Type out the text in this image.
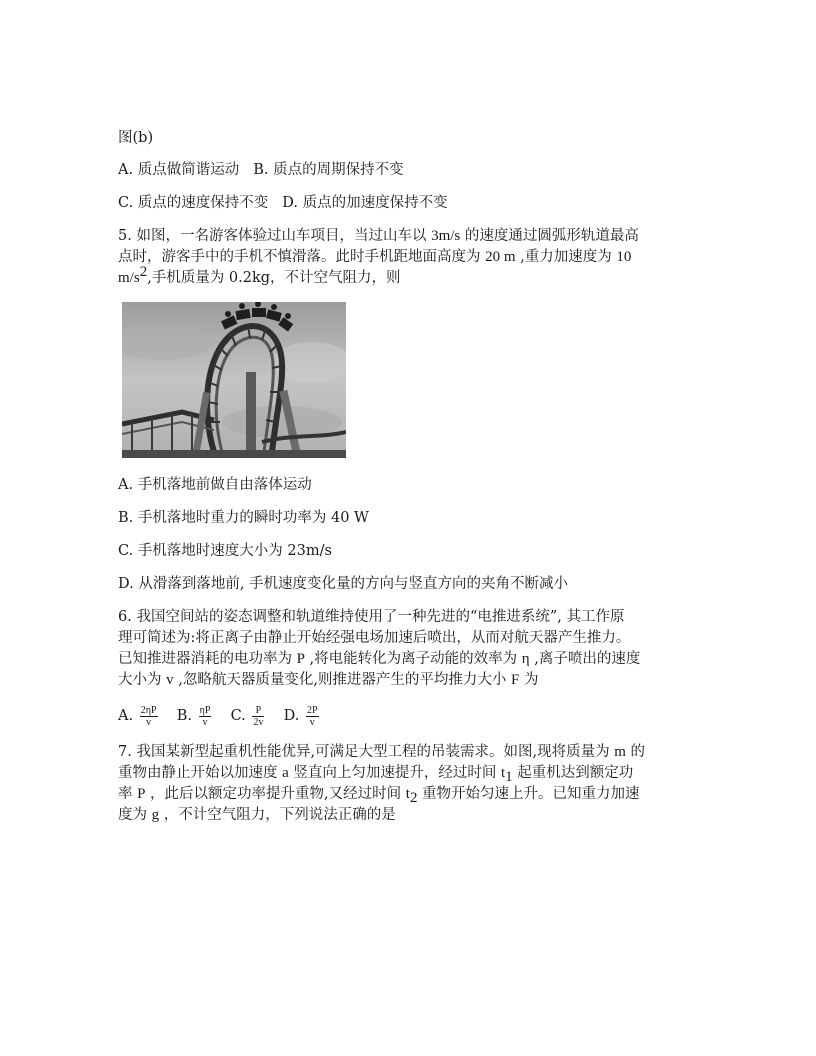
图(b)
A. 质点做简谐运动 B. 质点的周期保持不变
C. 质点的速度保持不变 D. 质点的加速度保持不变
5. 如图，一名游客体验过山车项目，当过山车以 3m/s 的速度通过圆弧形轨道最高
点时，游客手中的手机不慎滑落。此时手机距地面高度为 20 m ,重力加速度为 10
$m/s^2$,手机质量为 0.2kg，不计空气阻力，则
A. 手机落地前做自由落体运动
B. 手机落地时重力的瞬时功率为 40 W
C. 手机落地时速度大小为 23m/s
D. 从滑落到落地前, 手机速度变化量的方向与竖直方向的夹角不断减小
6. 我国空间站的姿态调整和轨道维持使用了一种先进的“电推进系统”, 其工作原
理可简述为:将正离子由静止开始经强电场加速后喷出，从而对航天器产生推力。
已知推进器消耗的电功率为 P ,将电能转化为离子动能的效率为 η ,离子喷出的速度
大小为 v ,忽略航天器质量变化,则推进器产生的平均推力大小 F 为
A. $\frac{2\eta P}{v} B$. $\frac{\eta P}{v} C$. $\frac{P}{2v} D$. $\frac{2P}{v}$
7. 我国某新型起重机性能优异,可满足大型工程的吊装需求。如图,现将质量为 m 的
重物由静止开始以加速度 a 竖直向上匀加速提升，经过时间 $t_1$ 起重机达到额定功
率 P ，此后以额定功率提升重物,又经过时间 $t_2$ 重物开始匀速上升。已知重力加速
度为 g ，不计空气阻力，下列说法正确的是
